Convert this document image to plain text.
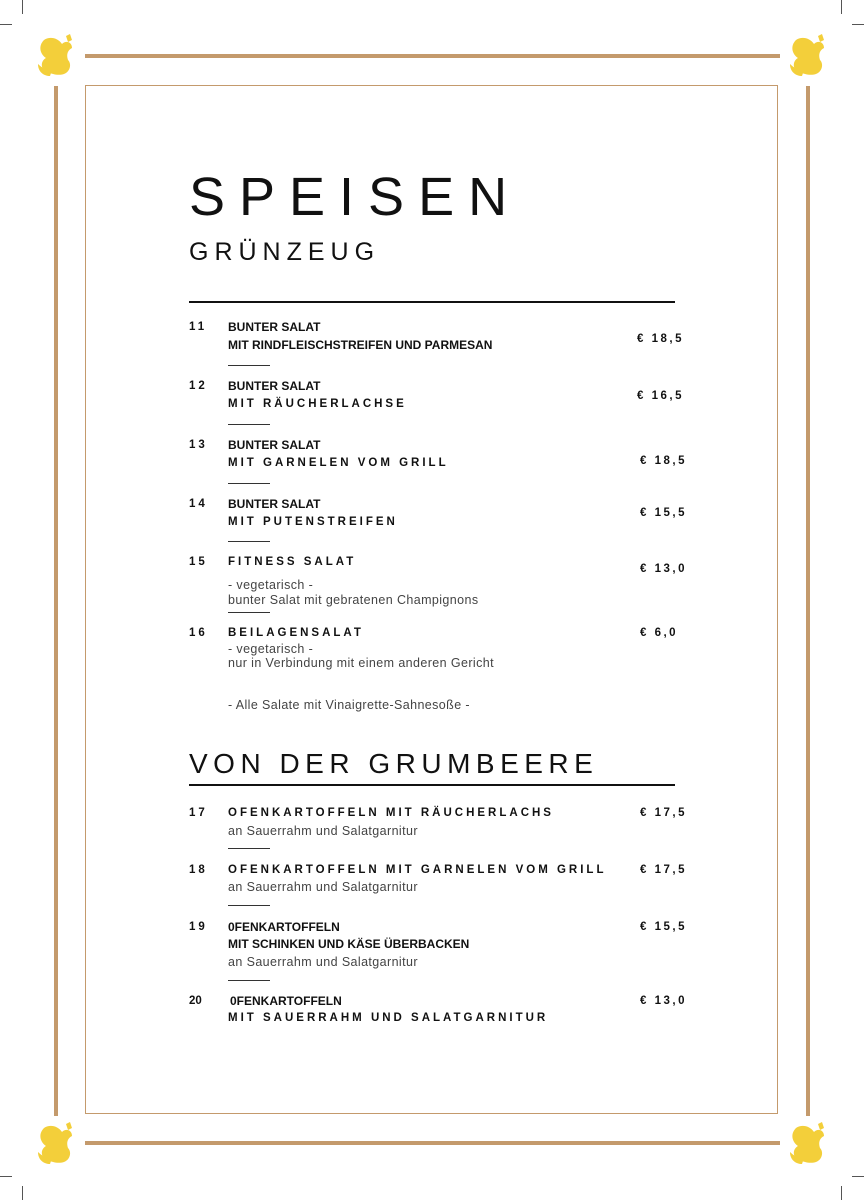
SPEISEN
GRÜNZEUG
11 BUNTER SALAT
MIT RINDFLEISCHSTREIFEN UND PARMESAN	€ 18,5
12 BUNTER SALAT
MIT RÄUCHERLACHSE
€ 16,5
13 BUNTER SALAT
MIT GARNELEN VOM GRILL	€ 18,5
14 BUNTER SALAT
MIT PUTENSTREIFEN
€ 15,5
15 FITNESS SALAT
- vegetarisch -
bunter Salat mit gebratenen Champignons
€ 13,0
16 BEILAGENSALAT
- vegetarisch -
nur in Verbindung mit einem anderen Gericht
€ 6,0
- Alle Salate mit Vinaigrette-Sahnesoße -
VON DER GRUMBEERE
17 OFENKARTOFFELN MIT RÄUCHERLACHS
an Sauerrahm und Salatgarnitur
€ 17,5
18 OFENKARTOFFELN MIT GARNELEN VOM GRILL
an Sauerrahm und Salatgarnitur
€ 17,5
19 0FENKARTOFFELN
MIT SCHINKEN UND KÄSE ÜBERBACKEN
an Sauerrahm und Salatgarnitur
€ 15,5
20 0FENKARTOFFELN
MIT SAUERRAHM UND SALATGARNITUR
€ 13,0
